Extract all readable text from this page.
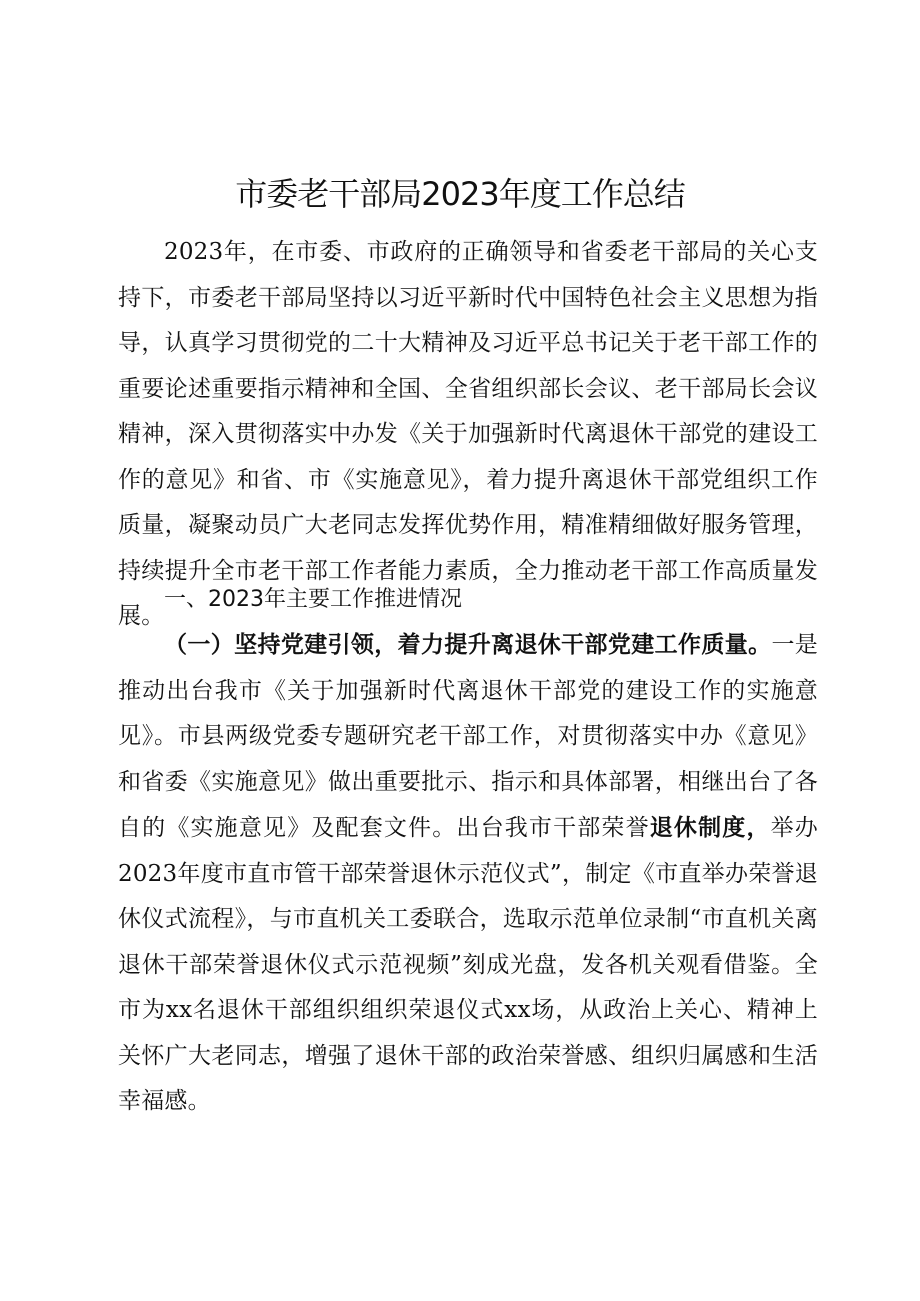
市委老干部局2023年度工作总结

2023年，在市委、市政府的正确领导和省委老干部局的关心支持下，市委老干部局坚持以习近平新时代中国特色社会主义思想为指导，认真学习贯彻党的二十大精神及习近平总书记关于老干部工作的重要论述重要指示精神和全国、全省组织部长会议、老干部局长会议精神，深入贯彻落实中办发《关于加强新时代离退休干部党的建设工作的意见》和省、市《实施意见》，着力提升离退休干部党组织工作质量，凝聚动员广大老同志发挥优势作用，精准精细做好服务管理，持续提升全市老干部工作者能力素质，全力推动老干部工作高质量发展。

一、2023年主要工作推进情况

（一）坚持党建引领，着力提升离退休干部党建工作质量。一是推动出台我市《关于加强新时代离退休干部党的建设工作的实施意见》。市县两级党委专题研究老干部工作，对贯彻落实中办《意见》和省委《实施意见》做出重要批示、指示和具体部署，相继出台了各自的《实施意见》及配套文件。出台我市干部荣誉退休制度，举办2023年度市直市管干部荣誉退休示范仪式”，制定《市直举办荣誉退休仪式流程》，与市直机关工委联合，选取示范单位录制“市直机关离退休干部荣誉退休仪式示范视频”刻成光盘，发各机关观看借鉴。全市为xx名退休干部组织组织荣退仪式xx场，从政治上关心、精神上关怀广大老同志，增强了退休干部的政治荣誉感、组织归属感和生活幸福感。
